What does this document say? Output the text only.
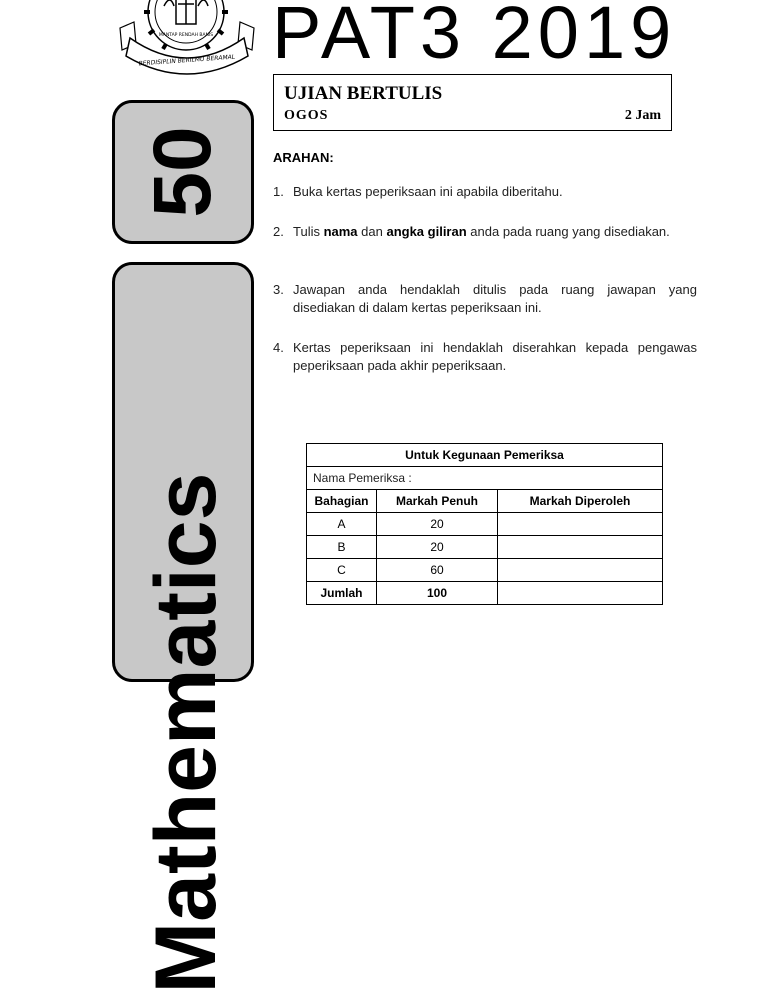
MANTAP RENDAH BANIS
BERDISIPLIN BERILMU BERAMAL PAT3 2019
UJIAN BERTULIS
OGOS	2 Jam
50
Mathematics
ARAHAN:
1. Buka kertas peperiksaan ini apabila diberitahu.
2. Tulis nama dan angka giliran anda pada ruang yang disediakan.
3. Jawapan anda hendaklah ditulis pada ruang jawapan yang disediakan di dalam kertas peperiksaan ini.
4. Kertas peperiksaan ini hendaklah diserahkan kepada pengawas peperiksaan pada akhir peperiksaan.
Untuk Kegunaan Pemeriksa		
Nama Pemeriksa :		
Bahagian	Markah Penuh	Markah Diperoleh
A	20	
B	20	
C	60	
Jumlah	100	
